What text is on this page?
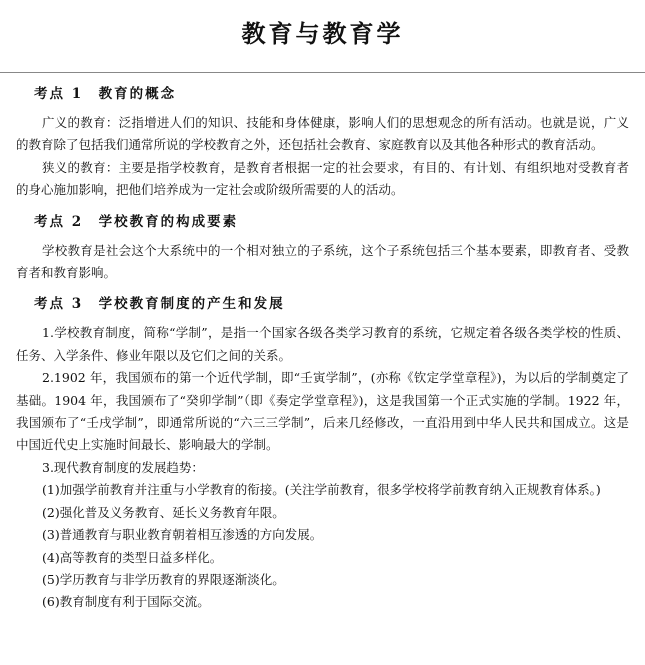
教育与教育学
考点 1　教育的概念

广义的教育：泛指增进人们的知识、技能和身体健康，影响人们的思想观念的所有活动。也就是说，广义的教育除了包括我们通常所说的学校教育之外，还包括社会教育、家庭教育以及其他各种形式的教育活动。

狭义的教育：主要是指学校教育，是教育者根据一定的社会要求，有目的、有计划、有组织地对受教育者的身心施加影响，把他们培养成为一定社会或阶级所需要的人的活动。

考点 2　学校教育的构成要素

学校教育是社会这个大系统中的一个相对独立的子系统，这个子系统包括三个基本要素，即教育者、受教育者和教育影响。

考点 3　学校教育制度的产生和发展

1.学校教育制度，简称“学制”，是指一个国家各级各类学习教育的系统，它规定着各级各类学校的性质、任务、入学条件、修业年限以及它们之间的关系。

2.1902 年，我国颁布的第一个近代学制，即“壬寅学制”，(亦称《钦定学堂章程》)，为以后的学制奠定了基础。1904 年，我国颁布了“癸卯学制”（即《奏定学堂章程》)，这是我国第一个正式实施的学制。1922 年，我国颁布了“壬戌学制”，即通常所说的“六三三学制”，后来几经修改，一直沿用到中华人民共和国成立。这是中国近代史上实施时间最长、影响最大的学制。

3.现代教育制度的发展趋势：

(1)加强学前教育并注重与小学教育的衔接。(关注学前教育，很多学校将学前教育纳入正规教育体系。)

(2)强化普及义务教育、延长义务教育年限。

(3)普通教育与职业教育朝着相互渗透的方向发展。

(4)高等教育的类型日益多样化。

(5)学历教育与非学历教育的界限逐渐淡化。

(6)教育制度有利于国际交流。
